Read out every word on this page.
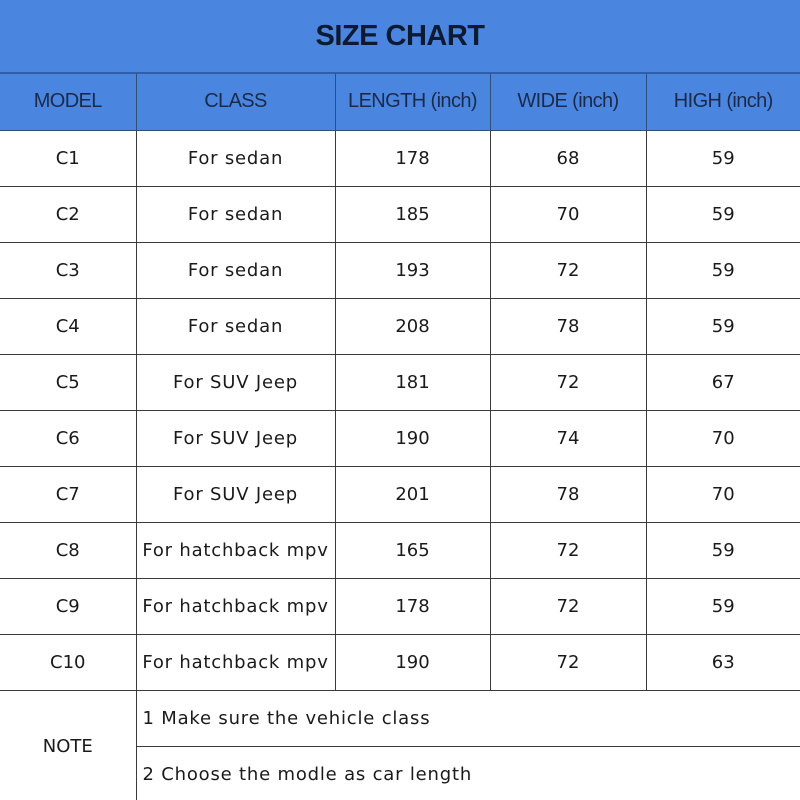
SIZE CHART
MODEL	CLASS	LENGTH (inch)	WIDE (inch)	HIGH (inch)
C1	For sedan	178	68	59
C2	For sedan	185	70	59
C3	For sedan	193	72	59
C4	For sedan	208	78	59
C5	For SUV Jeep	181	72	67
C6	For SUV Jeep	190	74	70
C7	For SUV Jeep	201	78	70
C8	For hatchback mpv	165	72	59
C9	For hatchback mpv	178	72	59
C10	For hatchback mpv	190	72	63
NOTE	1 Make sure the vehicle class			
	2 Choose the modle as car length			
